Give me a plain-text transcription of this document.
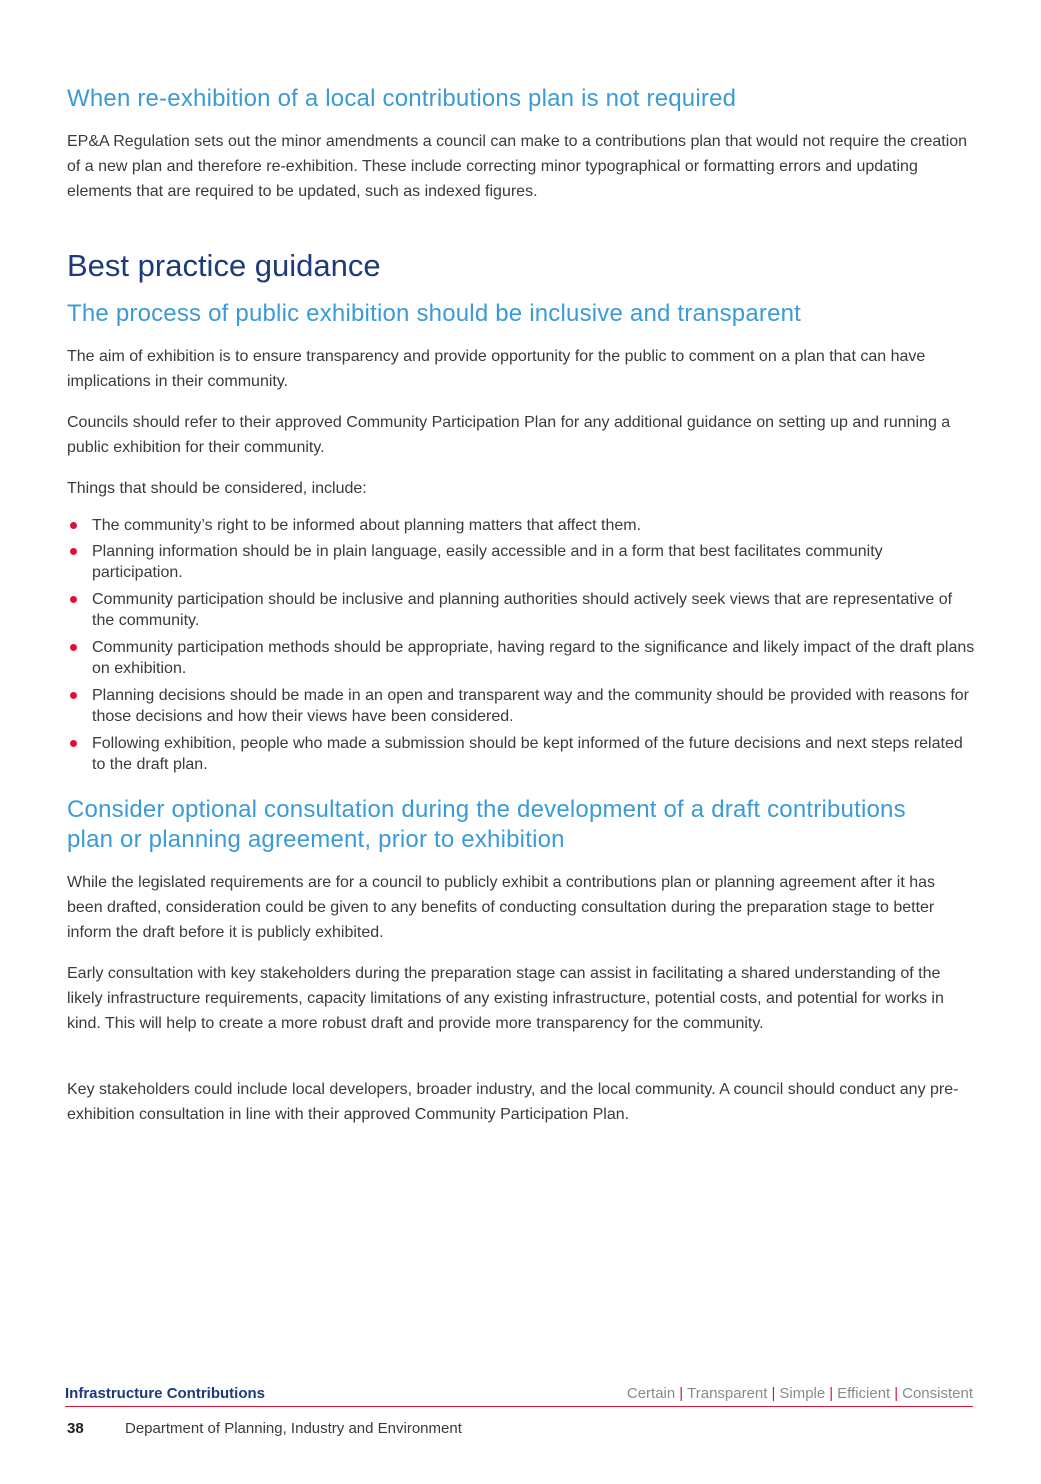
When re-exhibition of a local contributions plan is not required

EP&A Regulation sets out the minor amendments a council can make to a contributions plan that would not require the creation of a new plan and therefore re-exhibition. These include correcting minor typographical or formatting errors and updating elements that are required to be updated, such as indexed figures.

Best practice guidance
The process of public exhibition should be inclusive and transparent

The aim of exhibition is to ensure transparency and provide opportunity for the public to comment on a plan that can have implications in their community.

Councils should refer to their approved Community Participation Plan for any additional guidance on setting up and running a public exhibition for their community.

Things that should be considered, include:

The community’s right to be informed about planning matters that affect them.
Planning information should be in plain language, easily accessible and in a form that best facilitates community participation.
Community participation should be inclusive and planning authorities should actively seek views that are representative of the community.
Community participation methods should be appropriate, having regard to the significance and likely impact of the draft plans on exhibition.
Planning decisions should be made in an open and transparent way and the community should be provided with reasons for those decisions and how their views have been considered.
Following exhibition, people who made a submission should be kept informed of the future decisions and next steps related to the draft plan.
Consider optional consultation during the development of a draft contributions plan or planning agreement, prior to exhibition

While the legislated requirements are for a council to publicly exhibit a contributions plan or planning agreement after it has been drafted, consideration could be given to any benefits of conducting consultation during the preparation stage to better inform the draft before it is publicly exhibited.

Early consultation with key stakeholders during the preparation stage can assist in facilitating a shared understanding of the likely infrastructure requirements, capacity limitations of any existing infrastructure, potential costs, and potential for works in kind. This will help to create a more robust draft and provide more transparency for the community.

Key stakeholders could include local developers, broader industry, and the local community. A council should conduct any pre-exhibition consultation in line with their approved Community Participation Plan.

Infrastructure Contributions	Certain | Transparent | Simple | Efficient | Consistent
38	Department of Planning, Industry and Environment
